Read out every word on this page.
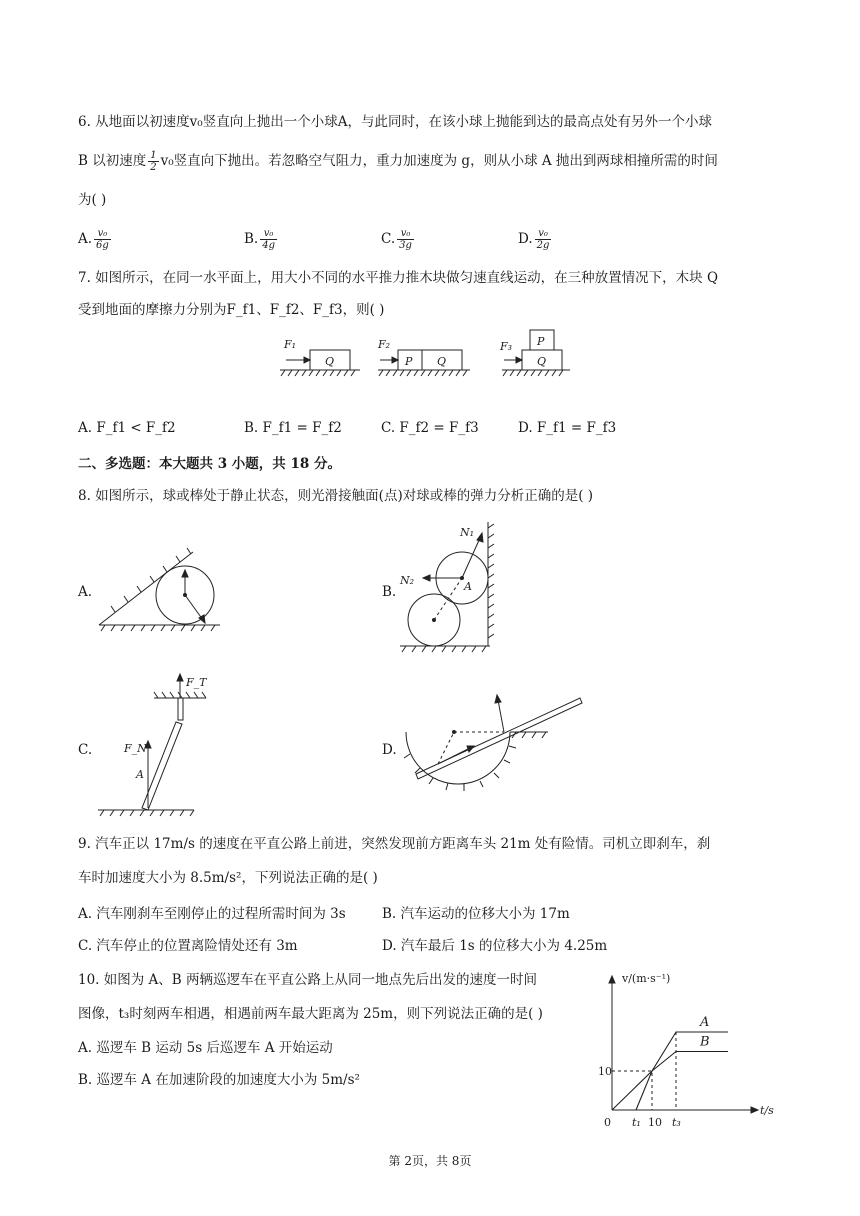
6. 从地面以初速度v₀竖直向上抛出一个小球A，与此同时，在该小球上抛能到达的最高点处有另外一个小球
B 以初速度 $\frac{1}{2} v_0$竖直向下抛出。若忽略空气阻力，重力加速度为 g，则从小球 A 抛出到两球相撞所需的时间
为( )
A. $\frac{\text{v₀}}{6g}$	B. $\frac{\text{v₀}}{4g}$	C. $\frac{\text{v₀}}{3g}$	D. $\frac{\text{v₀}}{2g}$
7. 如图所示，在同一水平面上，用大小不同的水平推力推木块做匀速直线运动，在三种放置情况下，木块 Q
受到地面的摩擦力分别为F_f1、F_f2、F_f3，则( )
F₁
Q
F₂
P Q
F₃ P
Q
A. F_f1 < F_f2	B. F_f1 = F_f2	C. F_f2 = F_f3	D. F_f1 = F_f3
二、多选题：本大题共 3 小题，共 18 分。
8. 如图所示，球或棒处于静止状态，则光滑接触面(点)对球或棒的弹力分析正确的是( )
A.	B.
N₁
N₂	A
C.
F_T
F_N
A
D.
9. 汽车正以 17m/s 的速度在平直公路上前进，突然发现前方距离车头 21m 处有险情。司机立即刹车，刹
车时加速度大小为 8.5m/s²，下列说法正确的是( )
A. 汽车刚刹车至刚停止的过程所需时间为 3s	B. 汽车运动的位移大小为 17m
C. 汽车停止的位置离险情处还有 3m	D. 汽车最后 1s 的位移大小为 4.25m
10. 如图为 A、B 两辆巡逻车在平直公路上从同一地点先后出发的速度一时间
图像，t₃时刻两车相遇，相遇前两车最大距离为 25m，则下列说法正确的是( )
A. 巡逻车 B 运动 5s 后巡逻车 A 开始运动
B. 巡逻车 A 在加速阶段的加速度大小为 5m/s²
A
B
0 t₁ 10 t₃
10
t/s
v/(m·s⁻¹)
第 2页，共 8页
